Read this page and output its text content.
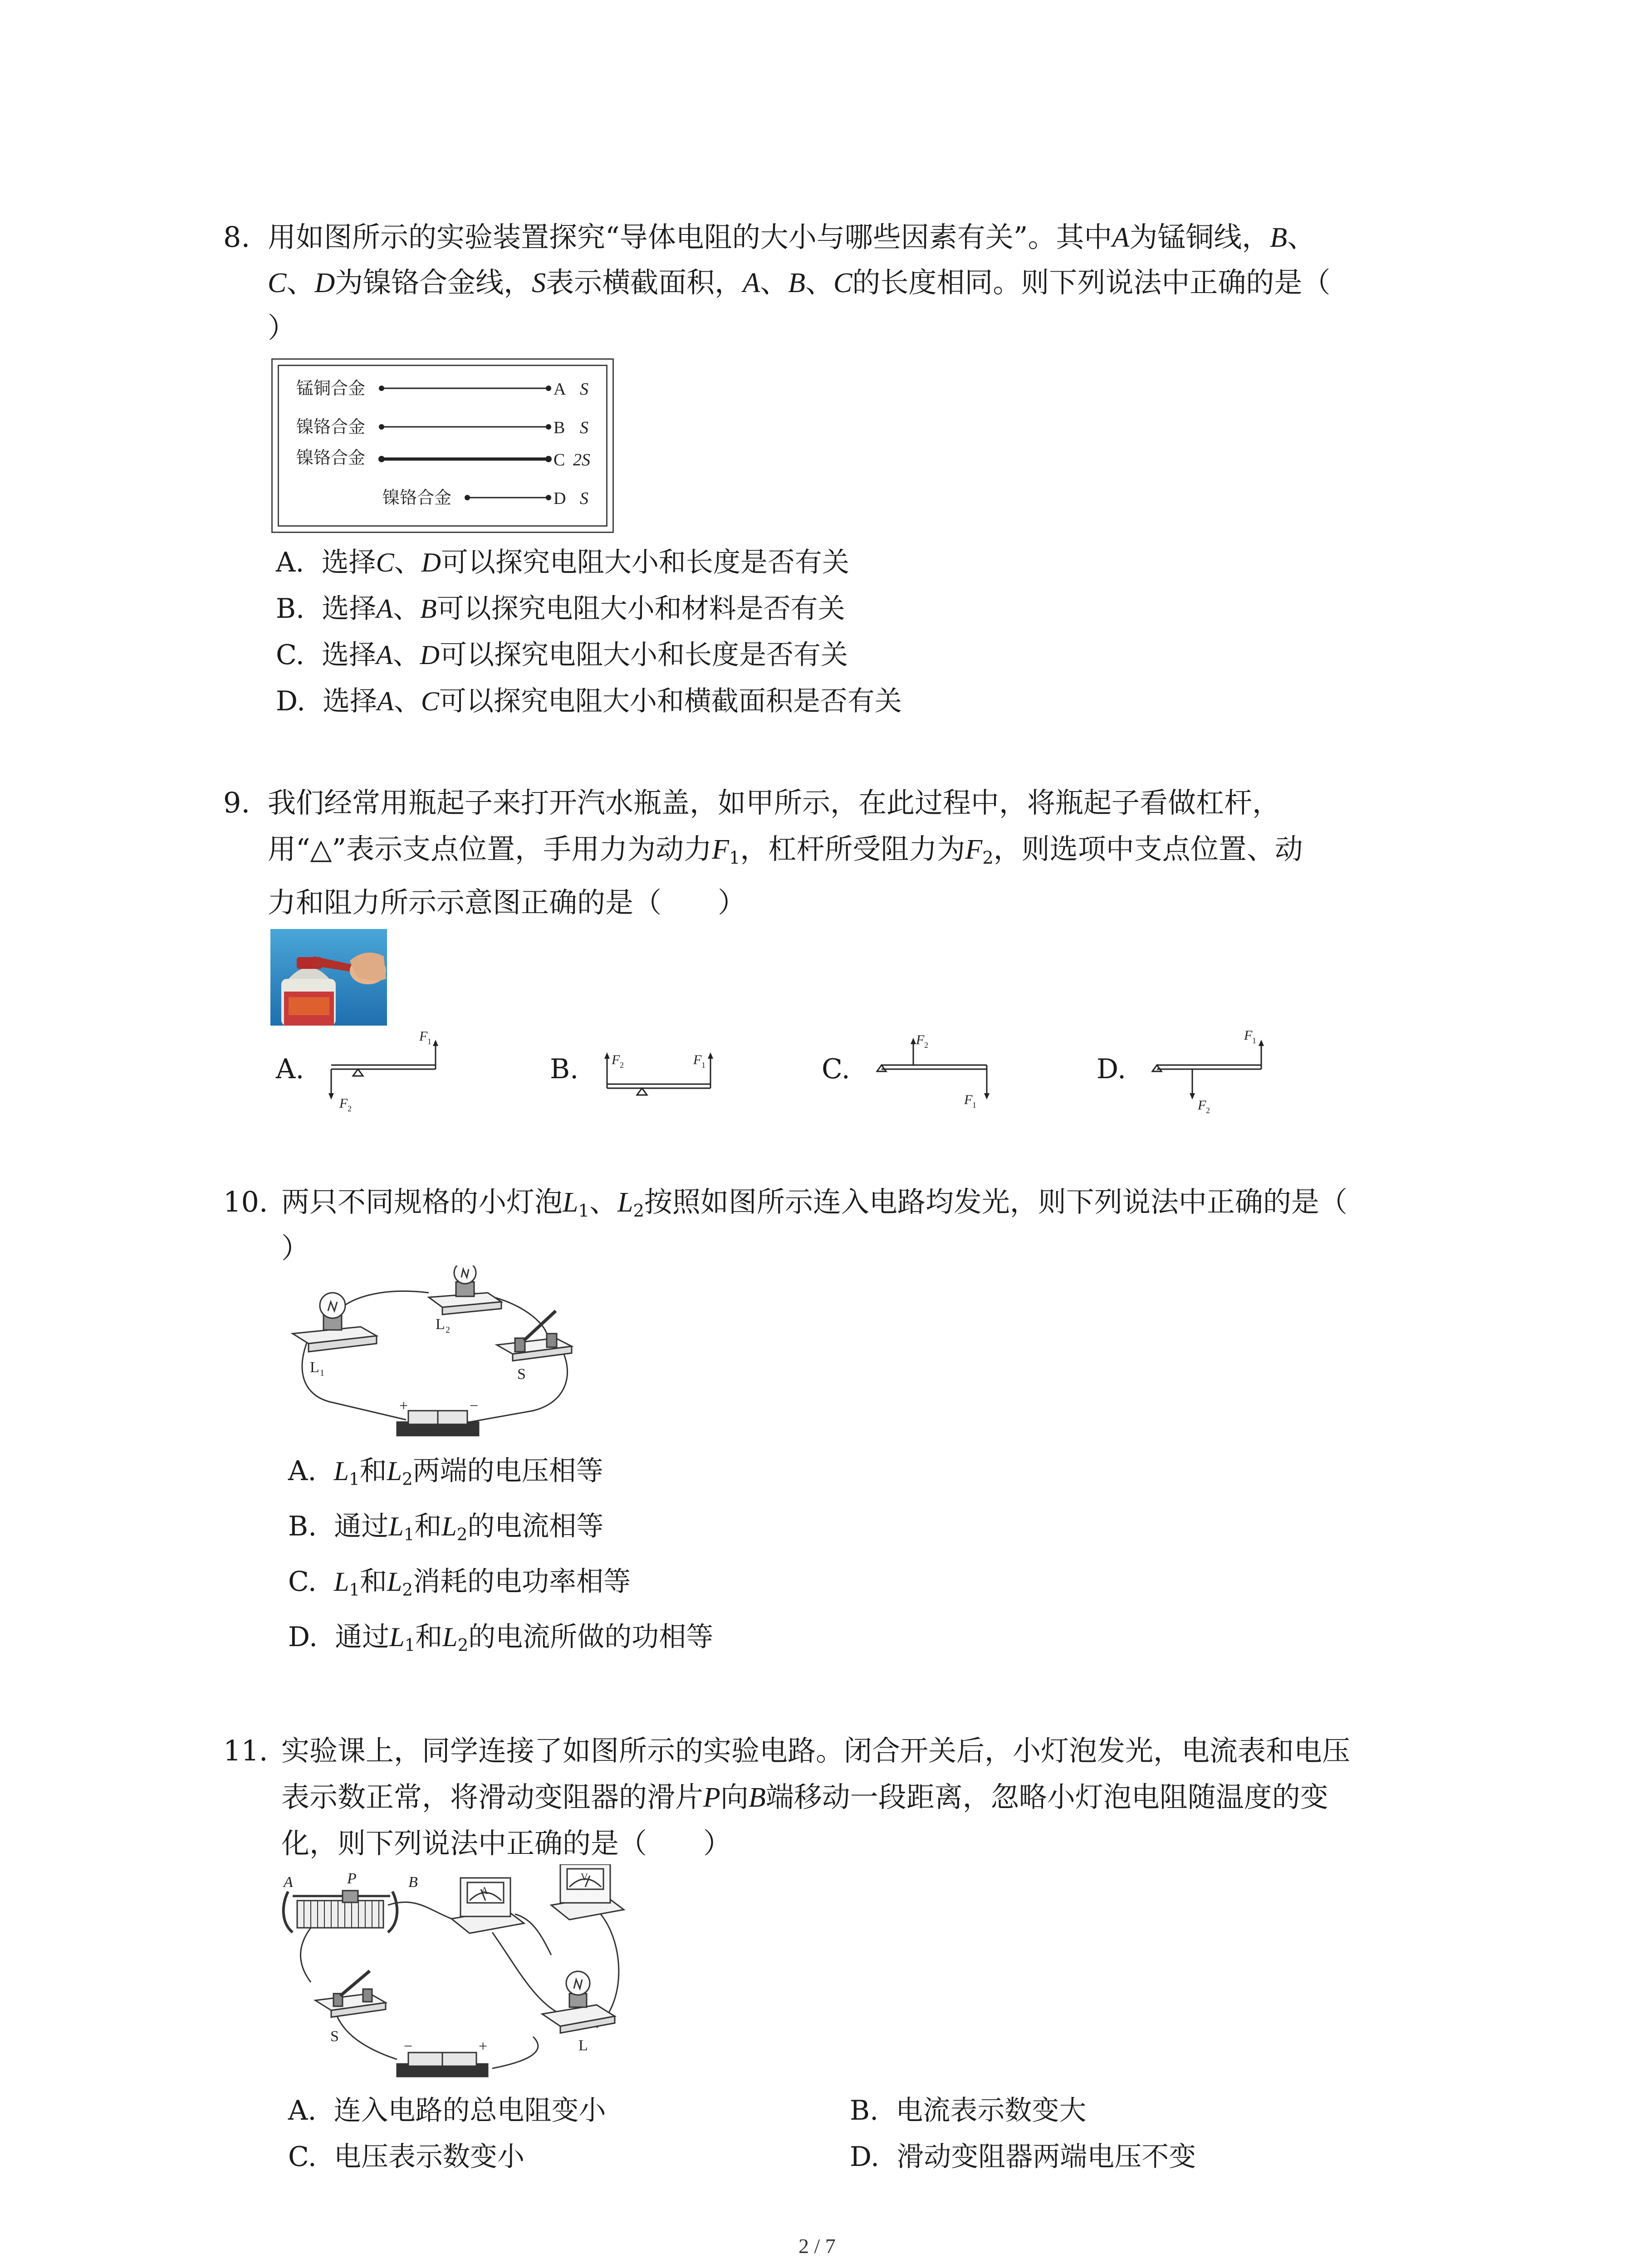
8. 用如图所示的实验装置探究“导体电阻的大小与哪些因素有关”。其中A为锰铜线，B、
C、D为镍铬合金线，S表示横截面积，A、B、C的长度相同。则下列说法中正确的是（
）
锰铜合金	A S
镍铬合金	B S
镍铬合金	C 2S
镍铬合金	D S
A. 选择C、D可以探究电阻大小和长度是否有关
B. 选择A、B可以探究电阻大小和材料是否有关
C. 选择A、D可以探究电阻大小和长度是否有关
D. 选择A、C可以探究电阻大小和横截面积是否有关
9. 我们经常用瓶起子来打开汽水瓶盖，如甲所示，在此过程中，将瓶起子看做杠杆，
用“△”表示支点位置，手用力为动力$F_1$，杠杆所受阻力为$F_2$，则选项中支点位置、动
力和阻力所示示意图正确的是（　　）
A.	B.	C.	D.
F 1
F 2
F 2	F 1
F 2
F 1
F 1
F 2
10. 两只不同规格的小灯泡$L_1$、$L_2$按照如图所示连入电路均发光，则下列说法中正确的是（
）
L 1
L 2
S
+	−
A. $L_1$和$L_2$两端的电压相等
B. 通过$L_1$和$L_2$的电流相等
C. $L_1$和$L_2$消耗的电功率相等
D. 通过$L_1$和$L_2$的电流所做的功相等
11. 实验课上，同学连接了如图所示的实验电路。闭合开关后，小灯泡发光，电流表和电压
表示数正常，将滑动变阻器的滑片P向B端移动一段距离，忽略小灯泡电阻随温度的变
化，则下列说法中正确的是（　　）
A	P	B
S
L
A
V
−	+
A. 连入电路的总电阻变小	B. 电流表示数变大
C. 电压表示数变小	D. 滑动变阻器两端电压不变
2 / 7
